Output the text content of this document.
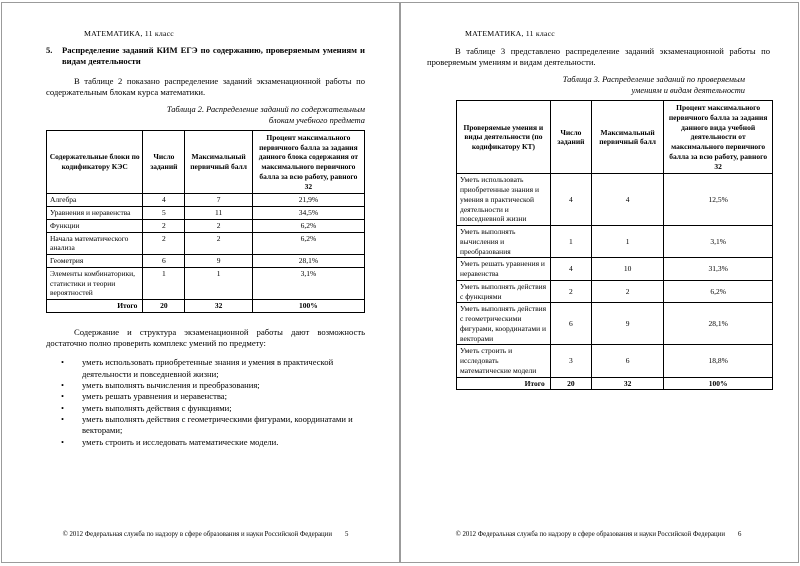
МАТЕМАТИКА, 11 класс
5.	Распределение заданий КИМ ЕГЭ по содержанию, проверяемым умениям и видам деятельности
В таблице 2 показано распределение заданий экзаменационной работы по содержательным блокам курса математики.
Таблица 2. Распределение заданий по содержательным
блокам учебного предмета
Содержательные блоки по кодификатору КЭС	Число заданий	Максимальный первичный балл	Процент максимального первичного балла за задания данного блока содержания от максимального первичного балла за всю работу, равного 32
Алгебра	4	7	21,9%
Уравнения и неравенства	5	11	34,5%
Функции	2	2	6,2%
Начала математического анализа	2	2	6,2%
Геометрия	6	9	28,1%
Элементы комбинаторики, статистики и теории вероятностей	1	1	3,1%
Итого	20	32	100%
Содержание и структура экзаменационной работы дают возможность достаточно полно проверить комплекс умений по предмету:
•	уметь использовать приобретенные знания и умения в практической деятельности и повседневной жизни;
•	уметь выполнять вычисления и преобразования;
•	уметь решать уравнения и неравенства;
•	уметь выполнять действия с функциями;
•	уметь выполнять действия с геометрическими фигурами, координатами и векторами;
•	уметь строить и исследовать математические модели.
© 2012 Федеральная служба по надзору в сфере образования и науки Российской Федерации 5
МАТЕМАТИКА, 11 класс
В таблице 3 представлено распределение заданий экзаменационной работы по проверяемым умениям и видам деятельности.
Таблица 3. Распределение заданий по проверяемым
умениям и видам деятельности
Проверяемые умения и виды деятельности (по кодификатору КТ)	Число заданий	Максимальный первичный балл	Процент максимального первичного балла за задания данного вида учебной деятельности от максимального первичного балла за всю работу, равного 32
Уметь использовать приобретенные знания и умения в практической деятельности и повседневной жизни	4	4	12,5%
Уметь выполнять вычисления и преобразования	1	1	3,1%
Уметь решать уравнения и неравенства	4	10	31,3%
Уметь выполнять действия с функциями	2	2	6,2%
Уметь выполнять действия с геометрическими фигурами, координатами и векторами	6	9	28,1%
Уметь строить и исследовать математические модели	3	6	18,8%
Итого	20	32	100%
© 2012 Федеральная служба по надзору в сфере образования и науки Российской Федерации 6
